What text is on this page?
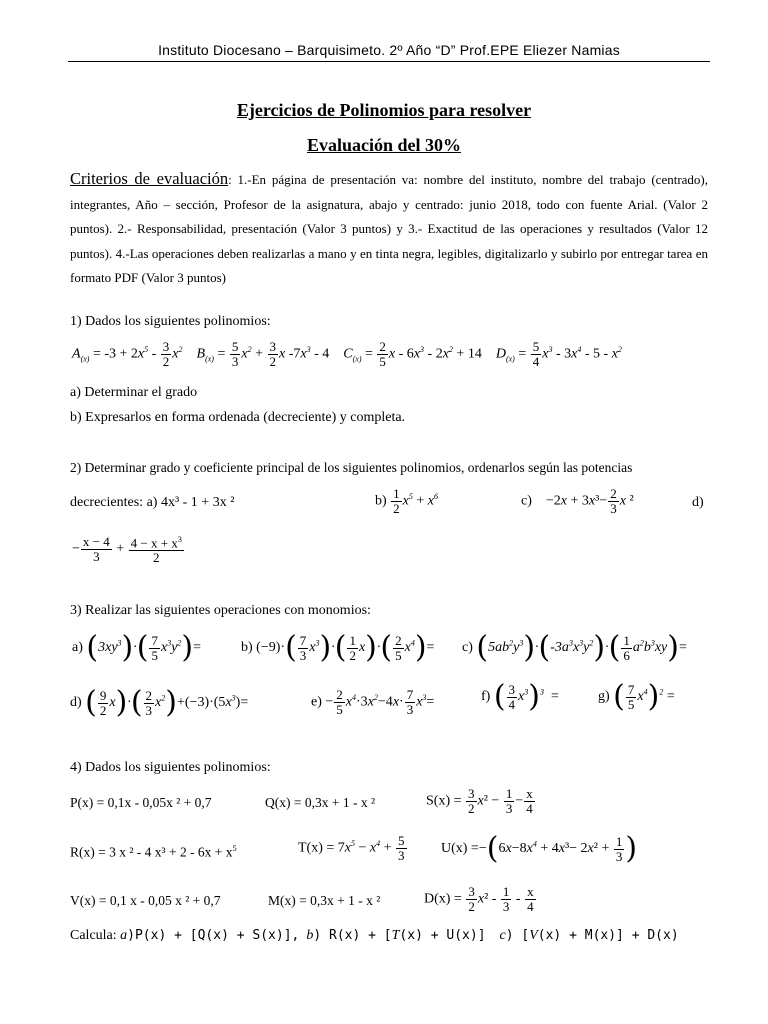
Instituto Diocesano – Barquisimeto. 2º Año “D” Prof.EPE Eliezer Namias
Ejercicios de Polinomios para resolver
Evaluación del 30%
Criterios de evaluación: 1.-En página de presentación va: nombre del instituto, nombre del trabajo (centrado), integrantes, Año – sección, Profesor de la asignatura, abajo y centrado: junio 2018, todo con fuente Arial. (Valor 2 puntos). 2.- Responsabilidad, presentación (Valor 3 puntos) y 3.- Exactitud de las operaciones y resultados (Valor 12 puntos). 4.-Las operaciones deben realizarlas a mano y en tinta negra, legibles, digitalizarlo y subirlo por entregar tarea en formato PDF (Valor 3 puntos)
1) Dados los siguientes polinomios:
$A_{(x)} = -3 + 2x^5 - \frac{3}{2} x^2$    $B_{(x)} = \frac{5}{3} x^2 + \frac{3}{2}$ x $-7x^3 - 4$    $C_{(x)} = \frac{2}{5}$ $x - 6x^3 - 2x^2 + 14$    $D_{(x)} = \frac{5}{4} x^3 - 3x^4 - 5 - x^2$
a) Determinar el grado
b) Expresarlos en forma ordenada (decreciente) y completa.
2) Determinar grado y coeficiente principal de los siguientes polinomios, ordenarlos según las potencias
decrecientes: a) 4x³ - 1 + 3x ²	$b) \frac{1}{2} x^5 + x^6$	$c) -2x + 3x^3- \frac{2}{3}$ x ²	d)
− $\frac{x - 4}{3} + \frac{4 - x + x^3}{2}$
3) Realizar las siguientes operaciones con monomios:
a) $(3xy^3)\cdot( \frac{7}{5} x^3y^2)=$	b) $(-9)\cdot( \frac{7}{3} x^3)\cdot( \frac{1}{2} x)\cdot( \frac{2}{5} x^4)= c$) $(5ab^2y^3)\cdot(-3a^3x^3y^2)\cdot( \frac{1}{6} a^2b^3xy)=$
d) ( $\frac{9}{2} x)\cdot( \frac{2}{3} x^2)+(-3)\cdot(5x^3)=$	$e) - \frac{2}{5} x^4\cdot 3x^2-4x\cdot \frac{7}{3} x^3=$	f) ( $\frac{3}{4} x^3)^3$  =	g) ( $\frac{7}{5} x^4)^2$ =
4) Dados los siguientes polinomios:
P(x) = 0,1x - 0,05x ² + 0,7	Q(x) = 0,3x + 1 - x ²	$S(x) = \frac{3}{2} x^2 - \frac{1}{3} - \frac{x}{4}$
R(x) = 3 x ² - 4 $x^3 + 2 - 6x + x^5$	$T(x) = 7x^5 - x^4 + \frac{5}{3} U(x) =-(6x-8x^4 + 4x^3- 2x^2 + \frac{1}{3}$ )
V(x) = 0,1 x - 0,05 x ² + 0,7	M(x) = 0,3x + 1 - x ²	$D(x) = \frac{3}{2} x^2 - \frac{1}{3} - \frac{x}{4}$
Calcula: a)P(x) + [Q(x) + S(x)], b) R(x) + [T(x) + U(x)] c) [V(x) + M(x)] + D(x)
